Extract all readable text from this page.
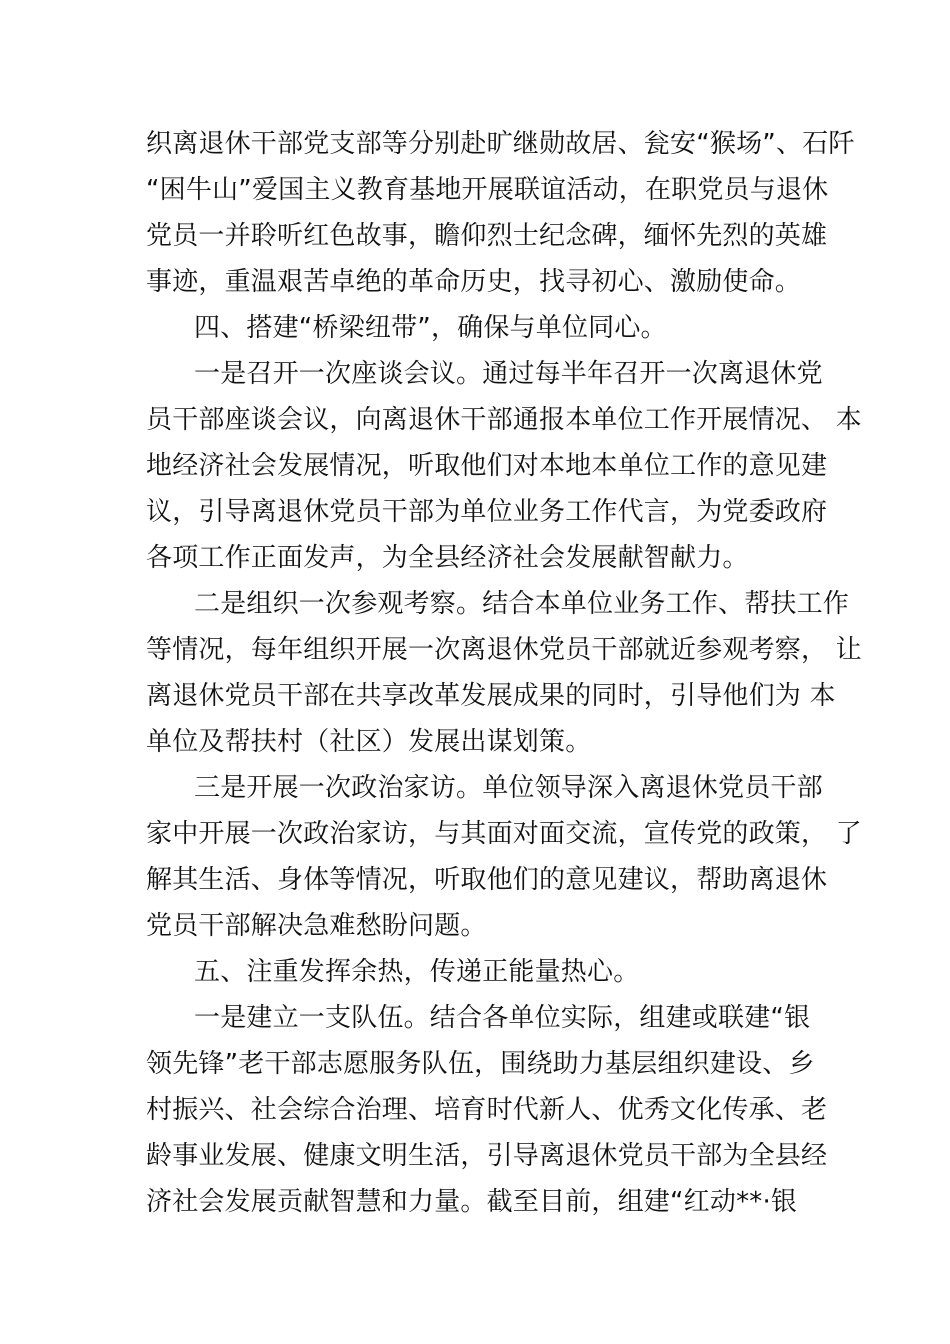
织离退休干部党支部等分别赴旷继勋故居、瓮安“猴场”、石阡
“困牛山”爱国主义教育基地开展联谊活动，在职党员与退休
党员一并聆听红色故事，瞻仰烈士纪念碑，缅怀先烈的英雄
事迹，重温艰苦卓绝的革命历史，找寻初心、激励使命。
四、搭建“桥梁纽带”，确保与单位同心。
一是召开一次座谈会议。通过每半年召开一次离退休党
员干部座谈会议，向离退休干部通报本单位工作开展情况、 本
地经济社会发展情况，听取他们对本地本单位工作的意见建
议，引导离退休党员干部为单位业务工作代言，为党委政府
各项工作正面发声，为全县经济社会发展献智献力。
二是组织一次参观考察。结合本单位业务工作、帮扶工作
等情况，每年组织开展一次离退休党员干部就近参观考察， 让
离退休党员干部在共享改革发展成果的同时，引导他们为 本
单位及帮扶村（社区）发展出谋划策。
三是开展一次政治家访。单位领导深入离退休党员干部
家中开展一次政治家访，与其面对面交流，宣传党的政策， 了
解其生活、身体等情况，听取他们的意见建议，帮助离退休
党员干部解决急难愁盼问题。
五、注重发挥余热，传递正能量热心。
一是建立一支队伍。结合各单位实际，组建或联建“银
领先锋”老干部志愿服务队伍，围绕助力基层组织建设、乡
村振兴、社会综合治理、培育时代新人、优秀文化传承、老
龄事业发展、健康文明生活，引导离退休党员干部为全县经
济社会发展贡献智慧和力量。截至目前，组建“红动**·银
